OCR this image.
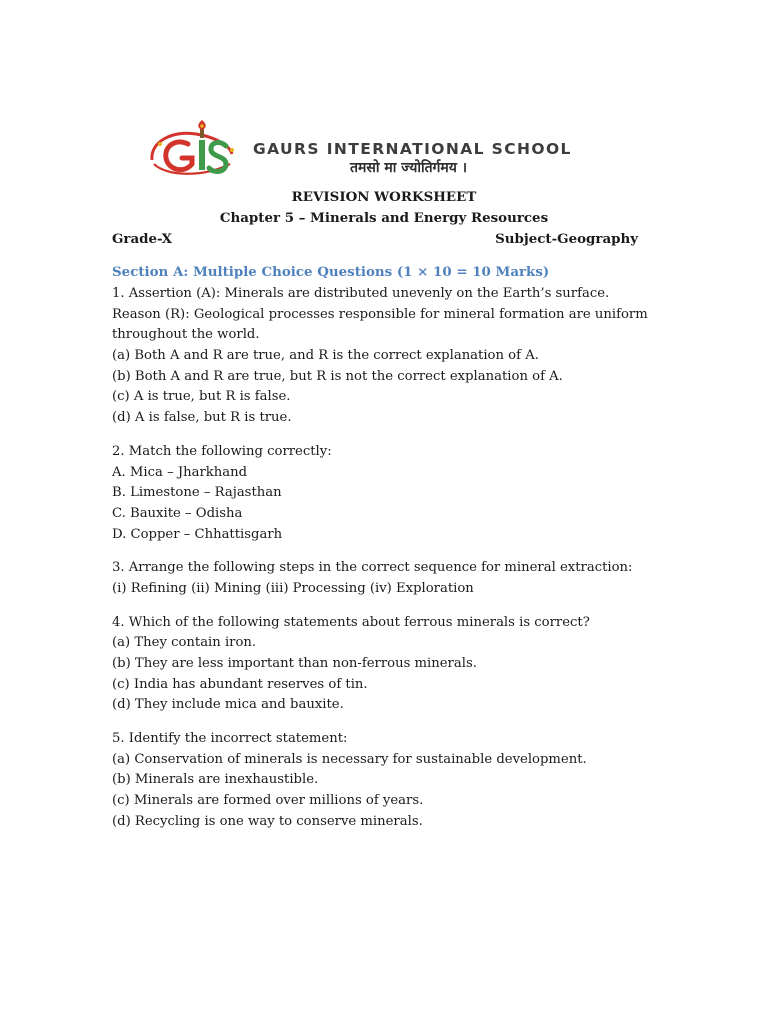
GAURS INTERNATIONAL SCHOOL
तमसो मा ज्योतिर्गमय ।
REVISION WORKSHEET
Chapter 5 – Minerals and Energy Resources
Grade-X	Subject-Geography
Section A: Multiple Choice Questions (1 × 10 = 10 Marks)
1. Assertion (A): Minerals are distributed unevenly on the Earth’s surface.
Reason (R): Geological processes responsible for mineral formation are uniform
throughout the world.
(a) Both A and R are true, and R is the correct explanation of A.
(b) Both A and R are true, but R is not the correct explanation of A.
(c) A is true, but R is false.
(d) A is false, but R is true.
2. Match the following correctly:
A. Mica – Jharkhand
B. Limestone – Rajasthan
C. Bauxite – Odisha
D. Copper – Chhattisgarh
3. Arrange the following steps in the correct sequence for mineral extraction:
(i) Refining (ii) Mining (iii) Processing (iv) Exploration
4. Which of the following statements about ferrous minerals is correct?
(a) They contain iron.
(b) They are less important than non-ferrous minerals.
(c) India has abundant reserves of tin.
(d) They include mica and bauxite.
5. Identify the incorrect statement:
(a) Conservation of minerals is necessary for sustainable development.
(b) Minerals are inexhaustible.
(c) Minerals are formed over millions of years.
(d) Recycling is one way to conserve minerals.
